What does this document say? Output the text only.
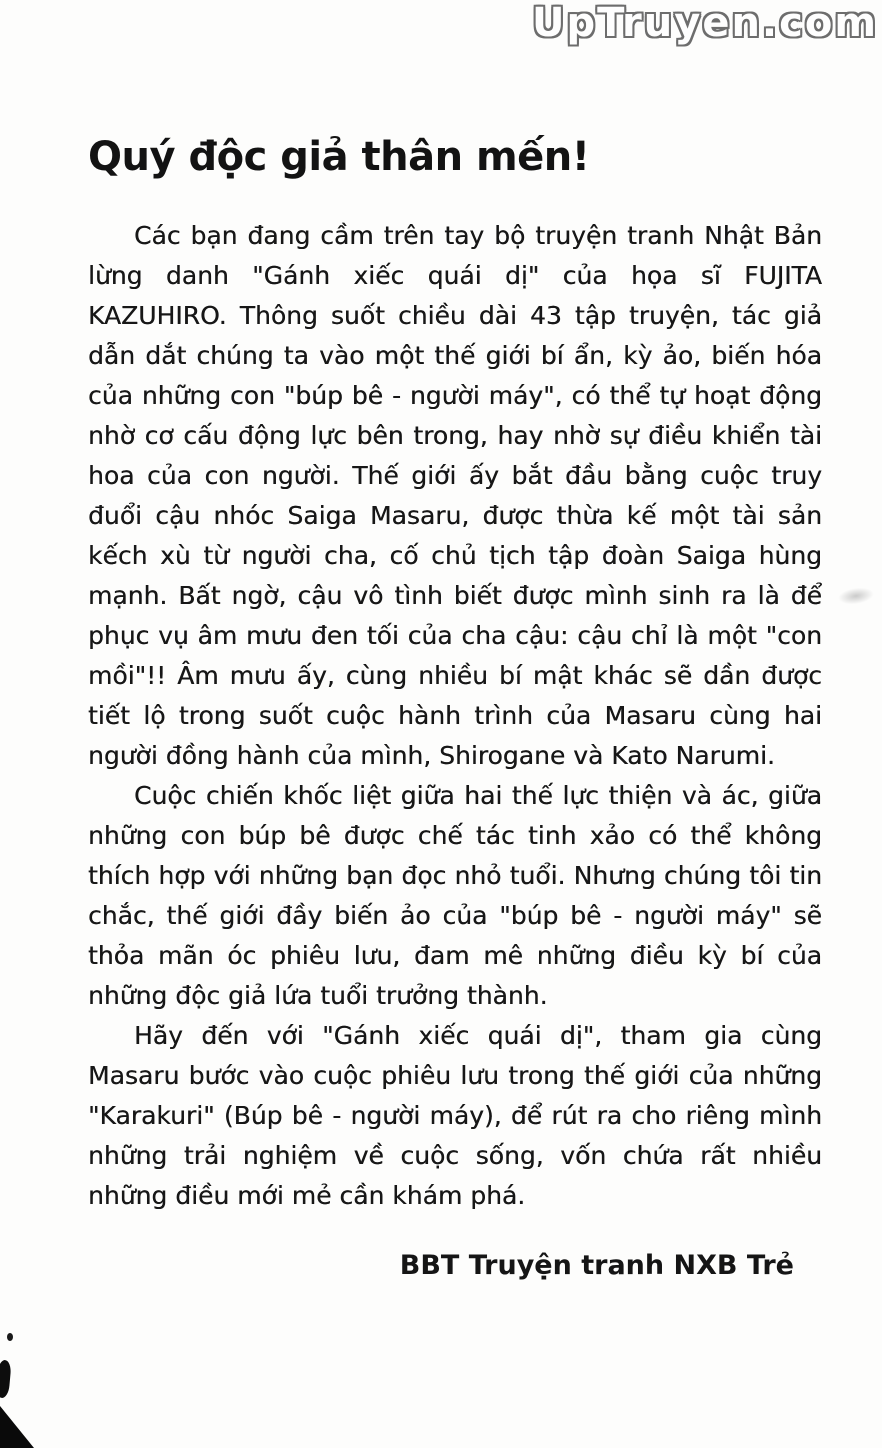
UpTruyen.com
Quý độc giả thân mến!

Các bạn đang cầm trên tay bộ truyện tranh Nhật Bản lừng danh "Gánh xiếc quái dị" của họa sĩ FUJITA KAZUHIRO. Thông suốt chiều dài 43 tập truyện, tác giả dẫn dắt chúng ta vào một thế giới bí ẩn, kỳ ảo, biến hóa của những con "búp bê - người máy", có thể tự hoạt động nhờ cơ cấu động lực bên trong, hay nhờ sự điều khiển tài hoa của con người. Thế giới ấy bắt đầu bằng cuộc truy đuổi cậu nhóc Saiga Masaru, được thừa kế một tài sản kếch xù từ người cha, cố chủ tịch tập đoàn Saiga hùng mạnh. Bất ngờ, cậu vô tình biết được mình sinh ra là để phục vụ âm mưu đen tối của cha cậu: cậu chỉ là một "con mồi"!! Âm mưu ấy, cùng nhiều bí mật khác sẽ dần được tiết lộ trong suốt cuộc hành trình của Masaru cùng hai người đồng hành của mình, Shirogane và Kato Narumi.

Cuộc chiến khốc liệt giữa hai thế lực thiện và ác, giữa những con búp bê được chế tác tinh xảo có thể không thích hợp với những bạn đọc nhỏ tuổi. Nhưng chúng tôi tin chắc, thế giới đầy biến ảo của "búp bê - người máy" sẽ thỏa mãn óc phiêu lưu, đam mê những điều kỳ bí của những độc giả lứa tuổi trưởng thành.

Hãy đến với "Gánh xiếc quái dị", tham gia cùng Masaru bước vào cuộc phiêu lưu trong thế giới của những "Karakuri" (Búp bê - người máy), để rút ra cho riêng mình những trải nghiệm về cuộc sống, vốn chứa rất nhiều những điều mới mẻ cần khám phá.

BBT Truyện tranh NXB Trẻ
